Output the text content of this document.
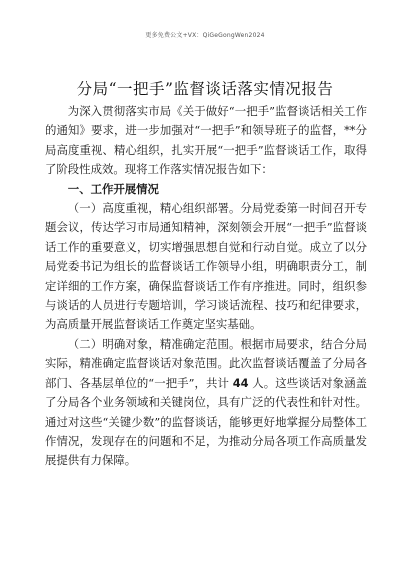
更多免费公文+VX：QiGeGongWen2024
分局“一把手”监督谈话落实情况报告

为深入贯彻落实市局《关于做好“一把手”监督谈话相关工作的通知》要求，进一步加强对“一把手”和领导班子的监督，**分局高度重视、精心组织，扎实开展“一把手”监督谈话工作，取得了阶段性成效。现将工作落实情况报告如下：

一、工作开展情况

（一）高度重视，精心组织部署。分局党委第一时间召开专题会议，传达学习市局通知精神，深刻领会开展“一把手”监督谈话工作的重要意义，切实增强思想自觉和行动自觉。成立了以分局党委书记为组长的监督谈话工作领导小组，明确职责分工，制定详细的工作方案，确保监督谈话工作有序推进。同时，组织参与谈话的人员进行专题培训，学习谈话流程、技巧和纪律要求，为高质量开展监督谈话工作奠定坚实基础。

（二）明确对象，精准确定范围。根据市局要求，结合分局实际，精准确定监督谈话对象范围。此次监督谈话覆盖了分局各部门、各基层单位的“一把手”，共计 44 人。这些谈话对象涵盖了分局各个业务领域和关键岗位，具有广泛的代表性和针对性。通过对这些“关键少数”的监督谈话，能够更好地掌握分局整体工作情况，发现存在的问题和不足，为推动分局各项工作高质量发展提供有力保障。
